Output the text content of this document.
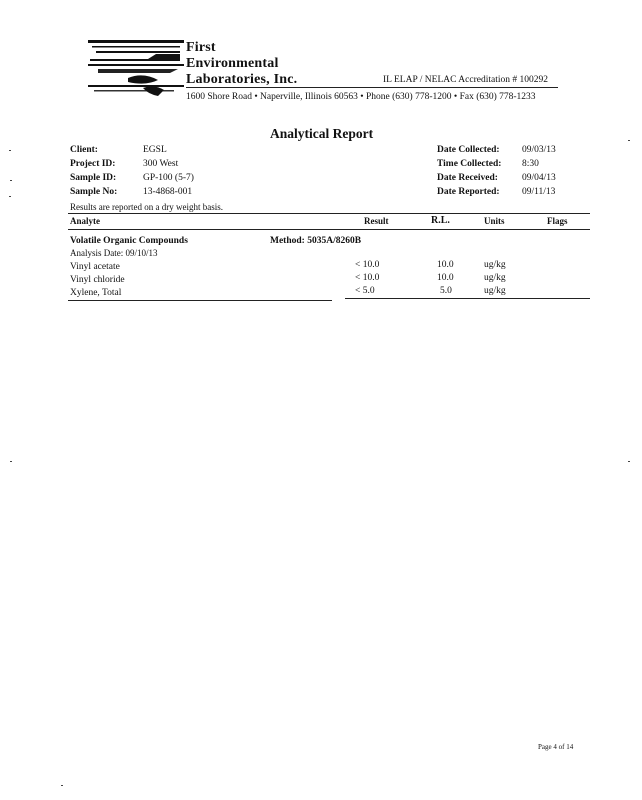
First
Environmental
Laboratories, Inc.	IL ELAP / NELAC Accreditation # 100292
1600 Shore Road • Naperville, Illinois 60563 • Phone (630) 778-1200 • Fax (630) 778-1233
Analytical Report
Client:	EGSL
Project ID:	300 West
Sample ID:	GP-100 (5-7)
Sample No:	13-4868-001
Date Collected: 09/03/13
Time Collected: 8:30
Date Received:	09/04/13
Date Reported: 09/11/13
Results are reported on a dry weight basis.
Analyte	Result	R.L.	Units	Flags
Volatile Organic Compounds	Method: 5035A/8260B
Analysis Date: 09/10/13
Vinyl acetate	< 10.0	10.0	ug/kg
Vinyl chloride	< 10.0	10.0	ug/kg
Xylene, Total	< 5.0	5.0	ug/kg
Page 4 of 14
